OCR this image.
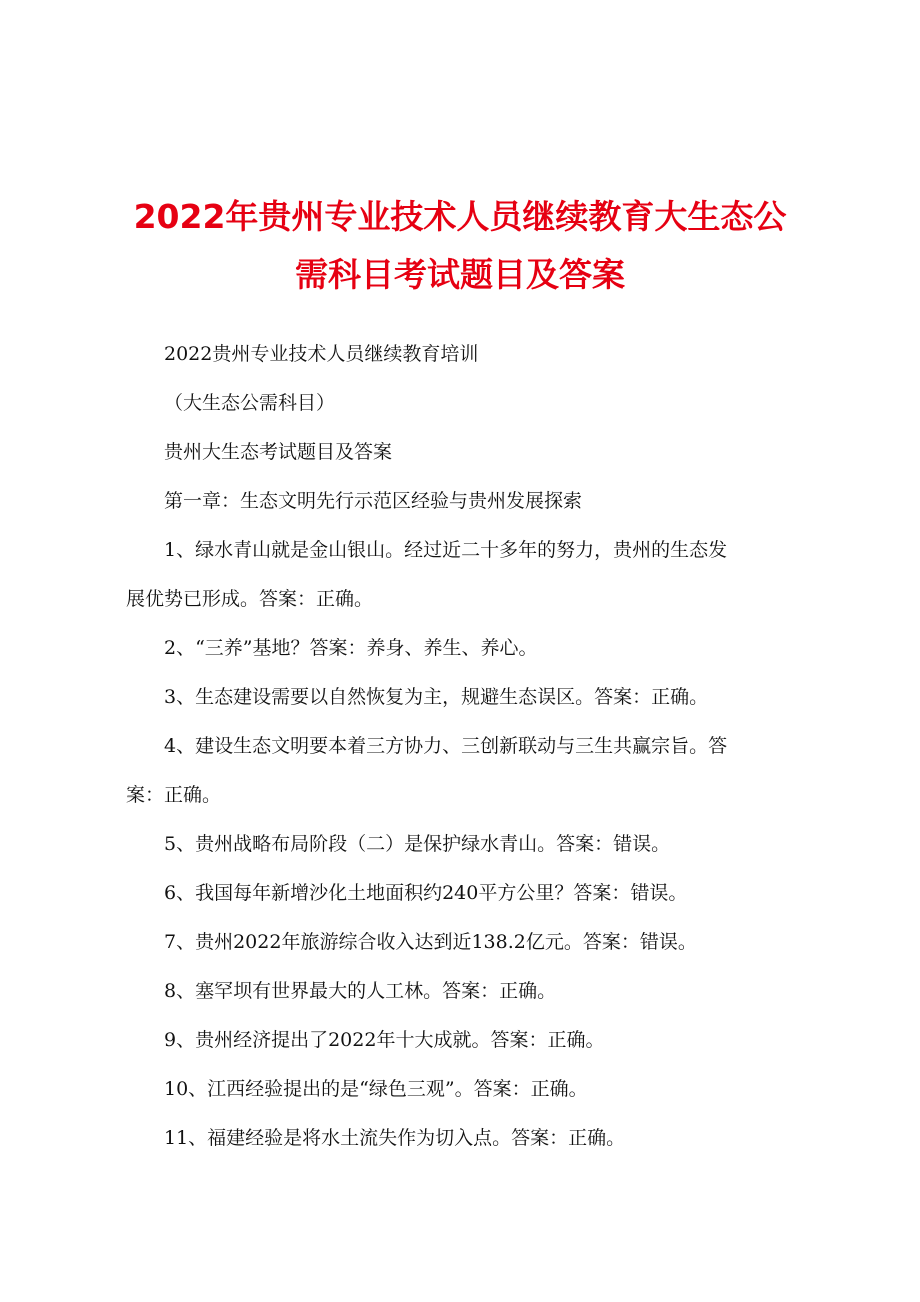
2022年贵州专业技术人员继续教育大生态公
需科目考试题目及答案
2022贵州专业技术人员继续教育培训
（大生态公需科目）
贵州大生态考试题目及答案
第一章：生态文明先行示范区经验与贵州发展探索
1、绿水青山就是金山银山。经过近二十多年的努力，贵州的生态发
展优势已形成。答案：正确。
2、“三养”基地？答案：养身、养生、养心。
3、生态建设需要以自然恢复为主，规避生态误区。答案：正确。
4、建设生态文明要本着三方协力、三创新联动与三生共赢宗旨。答
案：正确。
5、贵州战略布局阶段（二）是保护绿水青山。答案：错误。
6、我国每年新增沙化土地面积约240平方公里？答案：错误。
7、贵州2022年旅游综合收入达到近138.2亿元。答案：错误。
8、塞罕坝有世界最大的人工林。答案：正确。
9、贵州经济提出了2022年十大成就。答案：正确。
10、江西经验提出的是“绿色三观”。答案：正确。
11、福建经验是将水土流失作为切入点。答案：正确。
